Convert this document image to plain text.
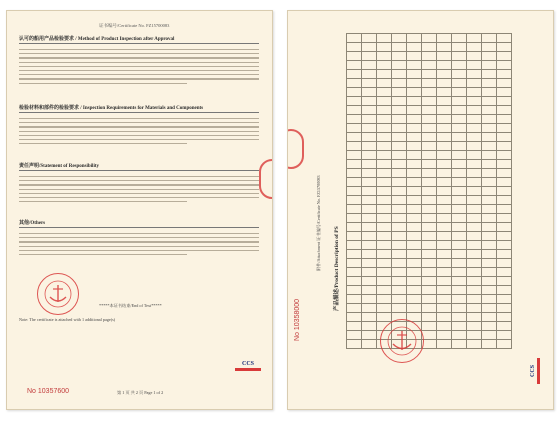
证书编号/Certificate No. FZ15700083
认可的船用产品检验要求 / Method of Product Inspection after Approval
检验材料和部件的检验要求 / Inspection Requirements for Materials and Components
责任声明/Statement of Responsibility
其他/Others
*****本证书结束/End of Text*****
Note: The certificate is attached with 1 additional page(s)
CCS
No 10357600	第 1 页 共 2 页 Page 1 of 2
No 10358000
附件/Attachment 证书编号/Certificate No. FZ15700083	产品描述/Product Description of PS

CCS
